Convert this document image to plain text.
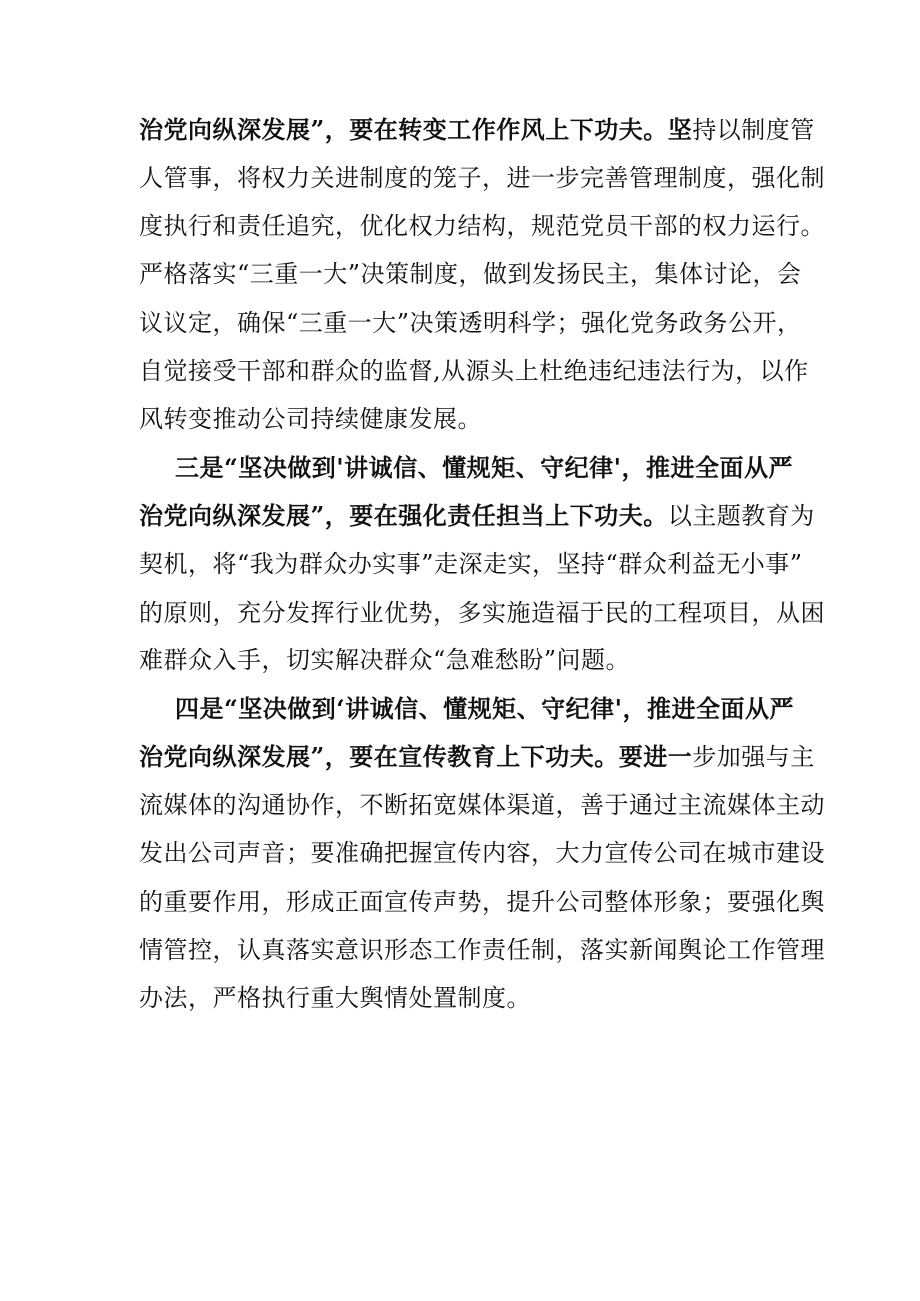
治党向纵深发展”，要在转变工作作风上下功夫。坚持以制度管
人管事，将权力关进制度的笼子，进一步完善管理制度，强化制
度执行和责任追究，优化权力结构，规范党员干部的权力运行。
严格落实“三重一大”决策制度，做到发扬民主，集体讨论，会
议议定，确保“三重一大”决策透明科学；强化党务政务公开，
自觉接受干部和群众的监督,从源头上杜绝违纪违法行为，以作
风转变推动公司持续健康发展。
三是“坚决做到'讲诚信、懂规矩、守纪律'，推进全面从严
治党向纵深发展”，要在强化责任担当上下功夫。以主题教育为
契机，将“我为群众办实事”走深走实，坚持“群众利益无小事”
的原则，充分发挥行业优势，多实施造福于民的工程项目，从困
难群众入手，切实解决群众“急难愁盼”问题。
四是“坚决做到‘讲诚信、懂规矩、守纪律'，推进全面从严
治党向纵深发展”，要在宣传教育上下功夫。要进一步加强与主
流媒体的沟通协作，不断拓宽媒体渠道，善于通过主流媒体主动
发出公司声音；要准确把握宣传内容，大力宣传公司在城市建设
的重要作用，形成正面宣传声势，提升公司整体形象；要强化舆
情管控，认真落实意识形态工作责任制，落实新闻舆论工作管理
办法，严格执行重大舆情处置制度。
